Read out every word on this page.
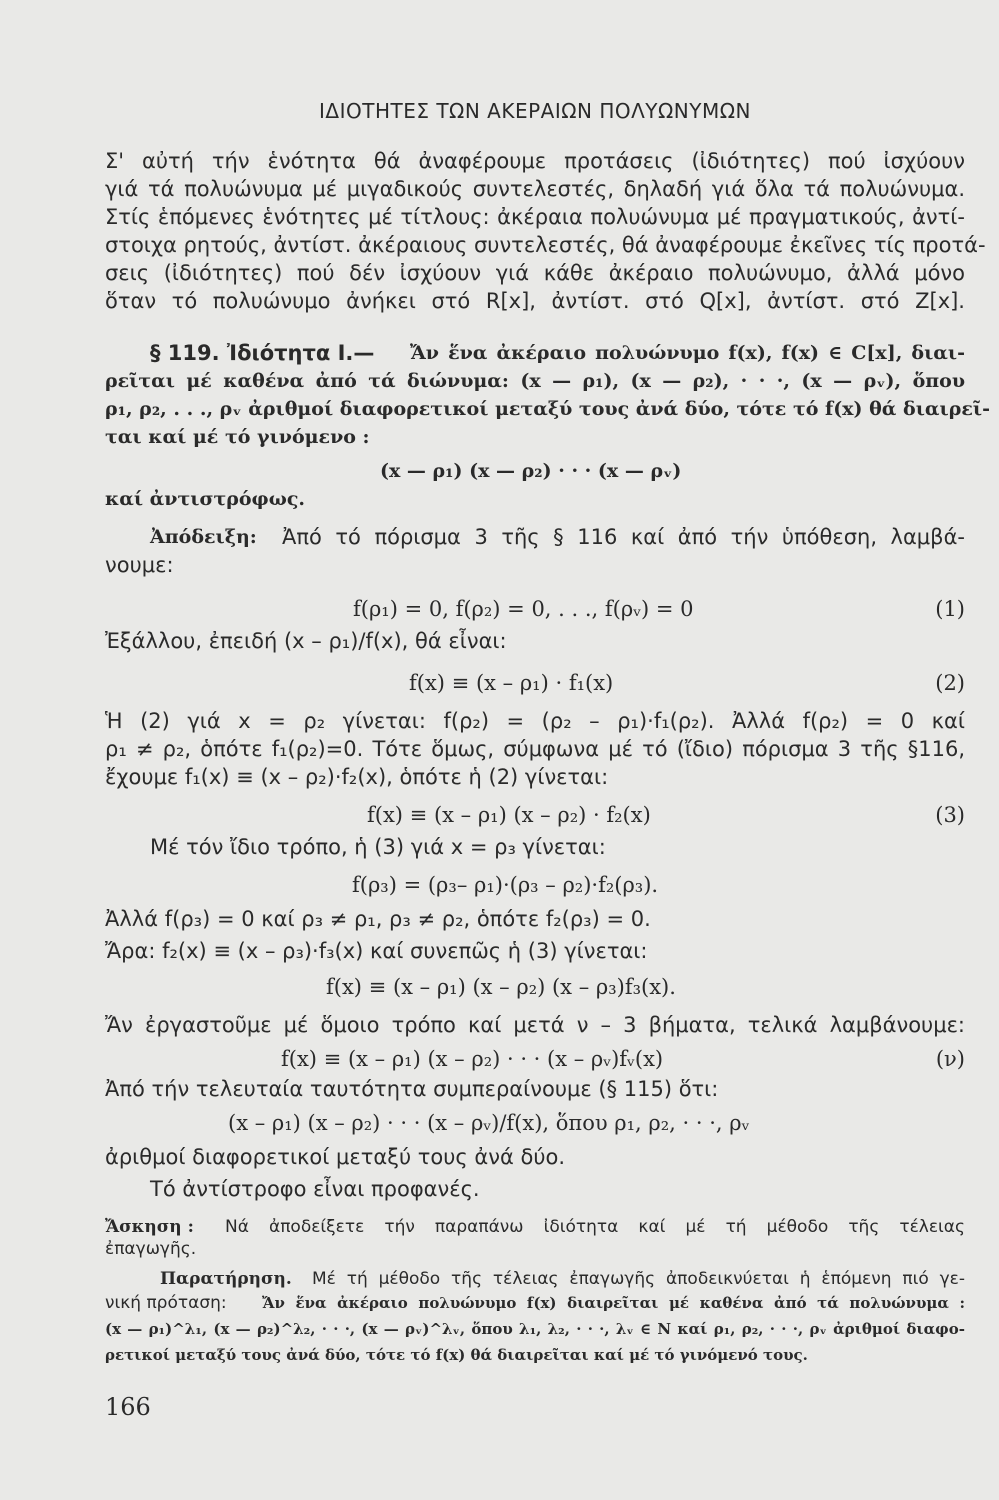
ΙΔΙΟΤΗΤΕΣ ΤΩΝ ΑΚΕΡΑΙΩΝ ΠΟΛΥΩΝΥΜΩΝ
Σ' αὐτή τήν ἑνότητα θά ἀναφέρουμε προτάσεις (ἰδιότητες) πού ἰσχύουν
γιά τά πολυώνυμα μέ μιγαδικούς συντελεστές, δηλαδή γιά ὅλα τά πολυώνυμα.
Στίς ἑπόμενες ἑνότητες μέ τίτλους: ἀκέραια πολυώνυμα μέ πραγματικούς, ἀντί-
στοιχα ρητούς, ἀντίστ. ἀκέραιους συντελεστές, θά ἀναφέρουμε ἐκεῖνες τίς προτά-
σεις (ἰδιότητες) πού δέν ἰσχύουν γιά κάθε ἀκέραιο πολυώνυμο, ἀλλά μόνο
ὅταν τό πολυώνυμο ἀνήκει στό R[x], ἀντίστ. στό Q[x], ἀντίστ. στό Z[x].
§ 119. Ἰδιότητα I.—	Ἄν ἕνα ἀκέραιο πολυώνυμο f(x), f(x) ∈ C[x], διαι-
ρεῖται μέ καθένα ἀπό τά διώνυμα: (x — ρ₁), (x — ρ₂), · · ·, (x — ρᵥ), ὅπου
ρ₁, ρ₂, . . ., ρᵥ ἀριθμοί διαφορετικοί μεταξύ τους ἀνά δύο, τότε τό f(x) θά διαιρεῖ-
ται καί μέ τό γινόμενο :
(x — ρ₁) (x — ρ₂) · · · (x — ρᵥ)
καί ἀντιστρόφως.
Ἀπόδειξη:	Ἀπό τό πόρισμα 3 τῆς § 116 καί ἀπό τήν ὑπόθεση, λαμβά-
νουμε:
f(ρ₁) = 0, f(ρ₂) = 0, . . ., f(ρᵥ) = 0	(1)
Ἐξάλλου, ἐπειδή (x – ρ₁)/f(x), θά εἶναι:
f(x) ≡ (x – ρ₁) · f₁(x)	(2)
Ἡ (2) γιά x = ρ₂ γίνεται: f(ρ₂) = (ρ₂ – ρ₁)·f₁(ρ₂). Ἀλλά f(ρ₂) = 0 καί
ρ₁ ≠ ρ₂, ὁπότε f₁(ρ₂)=0. Τότε ὅμως, σύμφωνα μέ τό (ἴδιο) πόρισμα 3 τῆς §116,
ἔχουμε f₁(x) ≡ (x – ρ₂)·f₂(x), ὁπότε ἡ (2) γίνεται:
f(x) ≡ (x – ρ₁) (x – ρ₂) · f₂(x)	(3)
Μέ τόν ἴδιο τρόπο, ἡ (3) γιά x = ρ₃ γίνεται:
f(ρ₃) = (ρ₃– ρ₁)·(ρ₃ – ρ₂)·f₂(ρ₃).
Ἀλλά f(ρ₃) = 0 καί ρ₃ ≠ ρ₁, ρ₃ ≠ ρ₂, ὁπότε f₂(ρ₃) = 0.
Ἄρα: f₂(x) ≡ (x – ρ₃)·f₃(x) καί συνεπῶς ἡ (3) γίνεται:
f(x) ≡ (x – ρ₁) (x – ρ₂) (x – ρ₃)f₃(x).
Ἄν ἐργαστοῦμε μέ ὅμοιο τρόπο καί μετά ν – 3 βήματα, τελικά λαμβάνουμε:
f(x) ≡ (x – ρ₁) (x – ρ₂) · · · (x – ρᵥ)fᵥ(x)	(ν)
Ἀπό τήν τελευταία ταυτότητα συμπεραίνουμε (§ 115) ὅτι:
(x – ρ₁) (x – ρ₂) · · · (x – ρᵥ)/f(x), ὅπου ρ₁, ρ₂, · · ·, ρᵥ
ἀριθμοί διαφορετικοί μεταξύ τους ἀνά δύο.
Τό ἀντίστροφο εἶναι προφανές.
Ἄσκηση :	Νά ἀποδείξετε τήν παραπάνω ἰδιότητα καί μέ τή μέθοδο τῆς τέλειας
ἐπαγωγῆς.
Παρατήρηση.	Μέ τή μέθοδο τῆς τέλειας ἐπαγωγῆς ἀποδεικνύεται ἡ ἑπόμενη πιό γε-
νική πρόταση:	Ἄν ἕνα ἀκέραιο πολυώνυμο f(x) διαιρεῖται μέ καθένα ἀπό τά πολυώνυμα :
(x — ρ₁)^λ₁, (x — ρ₂)^λ₂, · · ·, (x — ρᵥ)^λᵥ, ὅπου λ₁, λ₂, · · ·, λᵥ ∈ N καί ρ₁, ρ₂, · · ·, ρᵥ ἀριθμοί διαφο-
ρετικοί μεταξύ τους ἀνά δύο, τότε τό f(x) θά διαιρεῖται καί μέ τό γινόμενό τους.
166
